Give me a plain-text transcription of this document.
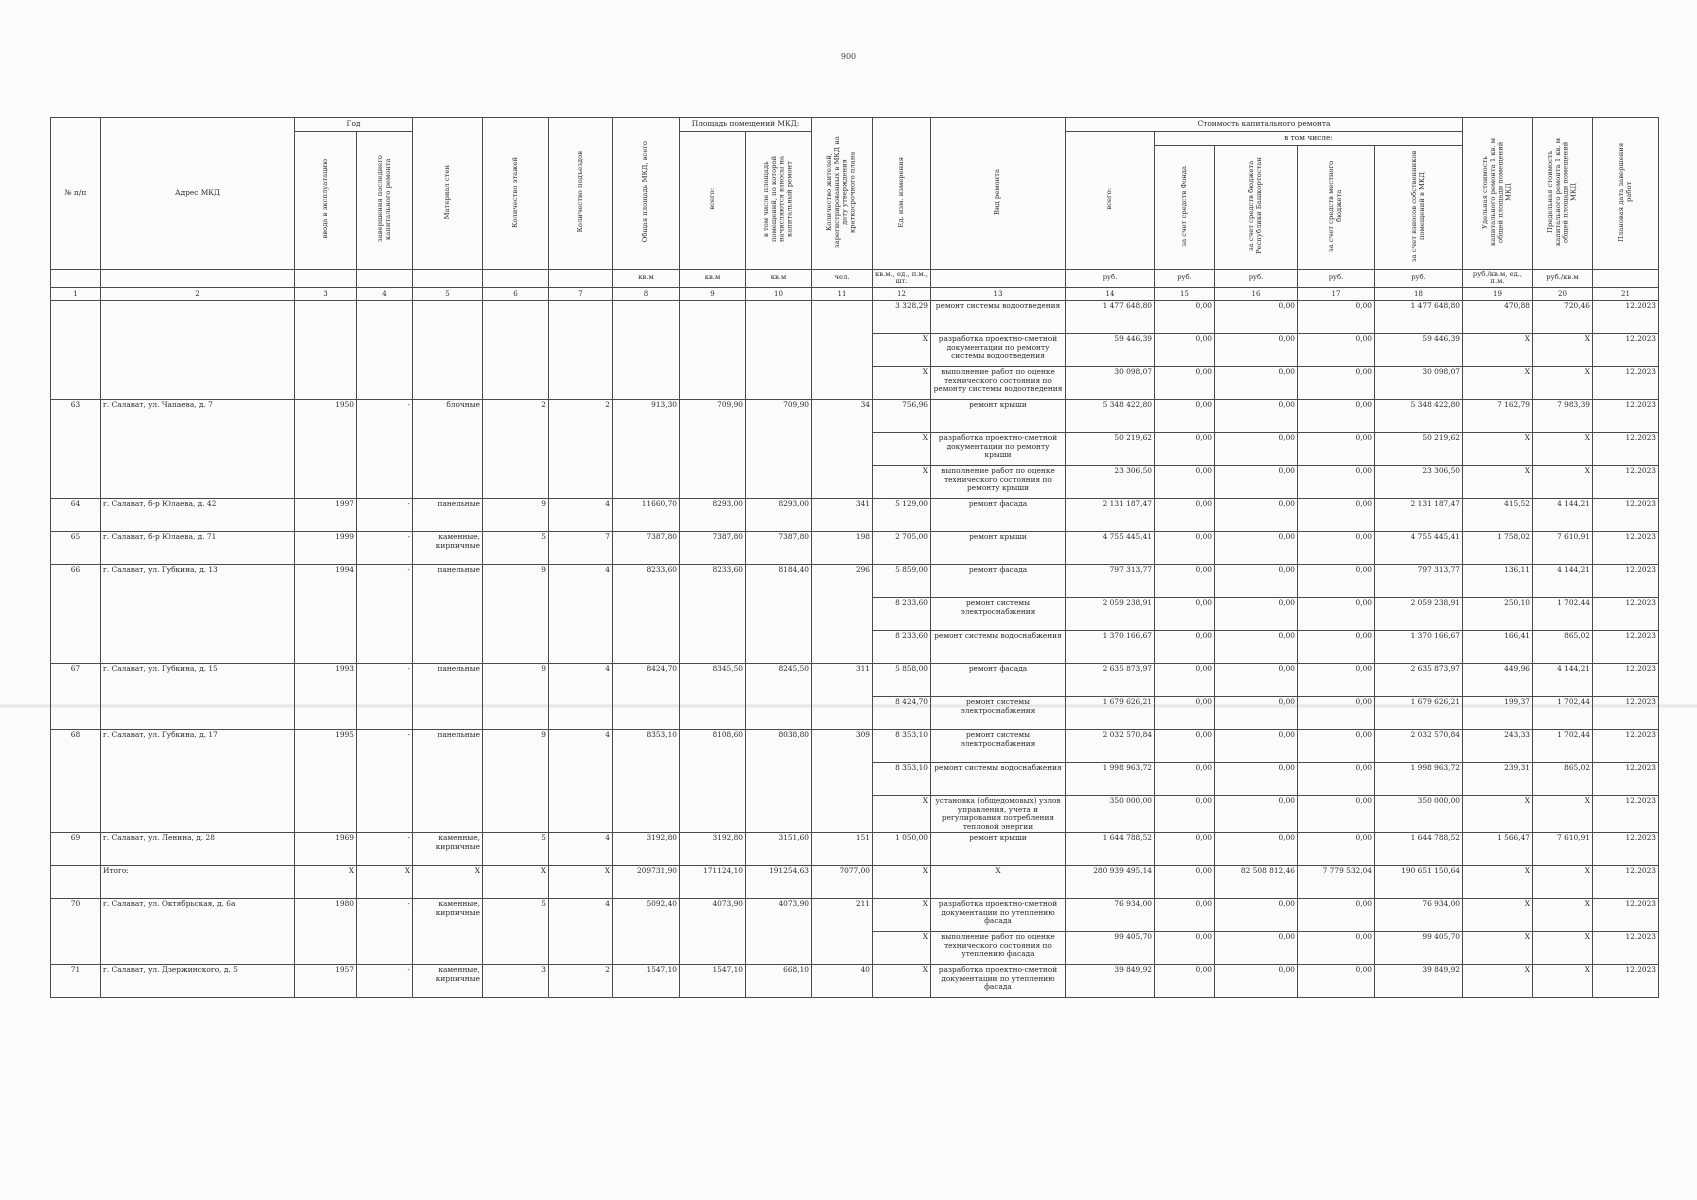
900
№ п/п	Адрес МКД	Год		Материал стен	Количество этажей	Количество подъездов	Общая площадь МКД, всего	Площадь помещений МКД:		Количество жителей, зарегистрированных в МКД на дату утверждения краткосрочного плана	Ед. изм. измерения	Вид ремонта	Стоимость капитального ремонта					Удельная стоимость капитального ремонта 1 кв. м общей площади помещений МКД	Предельная стоимость капитального ремонта 1 кв. м общей площади помещений МКД	Плановая дата завершения работ
		ввода в эксплуатацию	завершения последнего капитального ремонта					всего:	в том числе площадь помещений, по которой начисляются взносы на капитальный ремонт				всего:	в том числе:						
														за счет средств Фонда	за счет средств бюджета Республики Башкортостан	за счет средств местного бюджета	за счет взносов собственников помещений в МКД			
							кв.м	кв.м	кв.м	чел.	кв.м., ед., п.м., шт.		руб.	руб.	руб.	руб.	руб.	руб./кв.м, ед., п.м.	руб./кв.м	
1	2	3	4	5	6	7	8	9	10	11	12	13	14	15	16	17	18	19	20	21
											3 328,29	ремонт системы водоотведения	1 477 648,80	0,00	0,00	0,00	1 477 648,80	470,88	720,46	12.2023
											X	разработка проектно-сметной документации по ремонту системы водоотведения	59 446,39	0,00	0,00	0,00	59 446,39	X	X	12.2023
											X	выполнение работ по оценке технического состояния по ремонту системы водоотведения	30 098,07	0,00	0,00	0,00	30 098,07	X	X	12.2023
63	г. Салават, ул. Чапаева, д. 7	1950	-	блочные	2	2	913,30	709,90	709,90	34	756,96	ремонт крыши	5 348 422,80	0,00	0,00	0,00	5 348 422,80	7 162,79	7 983,39	12.2023
											X	разработка проектно-сметной документации по ремонту крыши	50 219,62	0,00	0,00	0,00	50 219,62	X	X	12.2023
											X	выполнение работ по оценке технического состояния по ремонту крыши	23 306,50	0,00	0,00	0,00	23 306,50	X	X	12.2023
64	г. Салават, б-р Юлаева, д. 42	1997	-	панельные	9	4	11660,70	8293,00	8293,00	341	5 129,00	ремонт фасада	2 131 187,47	0,00	0,00	0,00	2 131 187,47	415,52	4 144,21	12.2023
65	г. Салават, б-р Юлаева, д. 71	1999	-	каменные, кирпичные	5	7	7387,80	7387,80	7387,80	198	2 705,00	ремонт крыши	4 755 445,41	0,00	0,00	0,00	4 755 445,41	1 758,02	7 610,91	12.2023
66	г. Салават, ул. Губкина, д. 13	1994	-	панельные	9	4	8233,60	8233,60	8184,40	296	5 859,00	ремонт фасада	797 313,77	0,00	0,00	0,00	797 313,77	136,11	4 144,21	12.2023
											8 233,60	ремонт системы электроснабжения	2 059 238,91	0,00	0,00	0,00	2 059 238,91	250,10	1 702,44	12.2023
											8 233,60	ремонт системы водоснабжения	1 370 166,67	0,00	0,00	0,00	1 370 166,67	166,41	865,02	12.2023
67	г. Салават, ул. Губкина, д. 15	1993	-	панельные	9	4	8424,70	8345,50	8245,50	311	5 858,00	ремонт фасада	2 635 873,97	0,00	0,00	0,00	2 635 873,97	449,96	4 144,21	12.2023
											8 424,70	ремонт системы электроснабжения	1 679 626,21	0,00	0,00	0,00	1 679 626,21	199,37	1 702,44	12.2023
68	г. Салават, ул. Губкина, д. 17	1995	-	панельные	9	4	8353,10	8108,60	8038,80	309	8 353,10	ремонт системы электроснабжения	2 032 570,84	0,00	0,00	0,00	2 032 570,84	243,33	1 702,44	12.2023
											8 353,10	ремонт системы водоснабжения	1 998 963,72	0,00	0,00	0,00	1 998 963,72	239,31	865,02	12.2023
											X	установка (общедомовых) узлов управления, учета и регулирования потребления тепловой энергии	350 000,00	0,00	0,00	0,00	350 000,00	X	X	12.2023
69	г. Салават, ул. Ленина, д. 28	1969	-	каменные, кирпичные	5	4	3192,80	3192,80	3151,60	151	1 050,00	ремонт крыши	1 644 788,52	0,00	0,00	0,00	1 644 788,52	1 566,47	7 610,91	12.2023
	Итого:	X	X	X	X	X	209731,90	171124,10	191254,63	7077,00	X	X	280 939 495,14	0,00	82 508 812,46	7 779 532,04	190 651 150,64	X	X	12.2023
70	г. Салават, ул. Октябрьская, д. 6а	1980	-	каменные, кирпичные	5	4	5092,40	4073,90	4073,90	211	X	разработка проектно-сметной документации по утеплению фасада	76 934,00	0,00	0,00	0,00	76 934,00	X	X	12.2023
											X	выполнение работ по оценке технического состояния по утеплению фасада	99 405,70	0,00	0,00	0,00	99 405,70	X	X	12.2023
71	г. Салават, ул. Дзержинского, д. 5	1957	-	каменные, кирпичные	3	2	1547,10	1547,10	668,10	40	X	разработка проектно-сметной документации по утеплению фасада	39 849,92	0,00	0,00	0,00	39 849,92	X	X	12.2023
